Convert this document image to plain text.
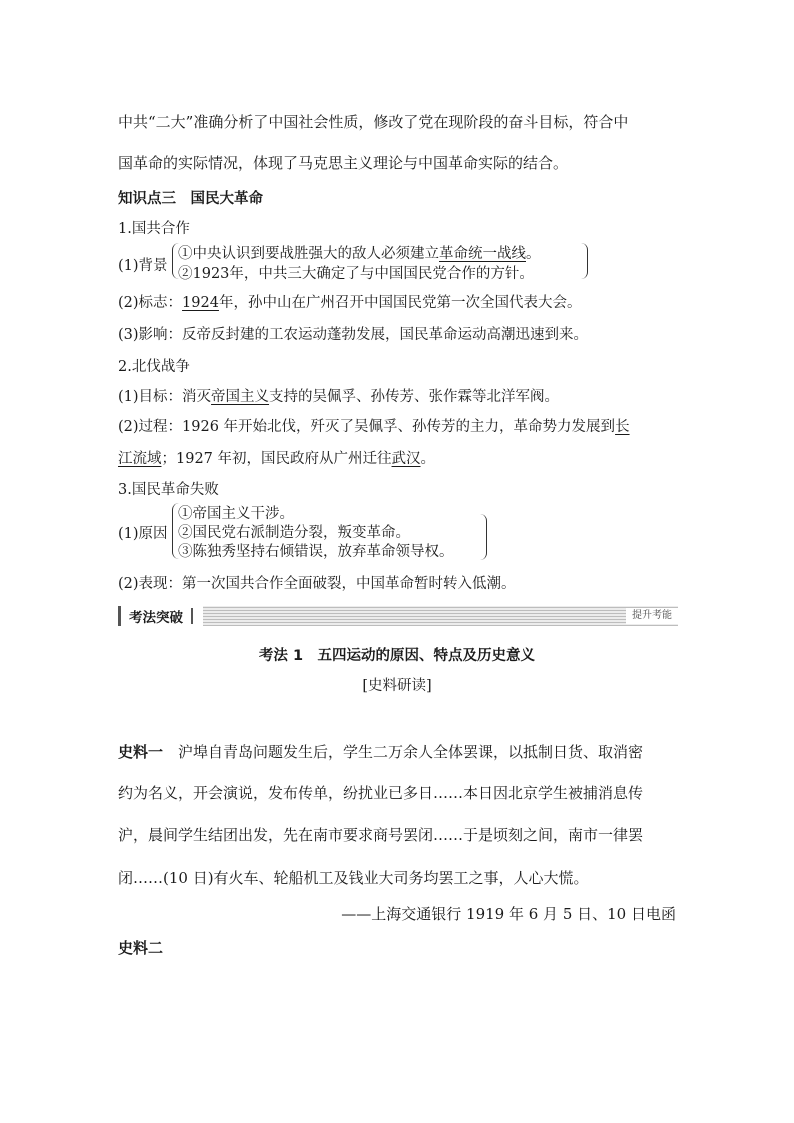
中共“二大”准确分析了中国社会性质，修改了党在现阶段的奋斗目标，符合中
国革命的实际情况，体现了马克思主义理论与中国革命实际的结合。
知识点三　国民大革命
1.国共合作
(1)背景
①中央认识到要战胜强大的敌人必须建立革命统一战线。
②1923年，中共三大确定了与中国国民党合作的方针。
(2)标志：1924年，孙中山在广州召开中国国民党第一次全国代表大会。
(3)影响：反帝反封建的工农运动蓬勃发展，国民革命运动高潮迅速到来。
2.北伐战争
(1)目标：消灭帝国主义支持的吴佩孚、孙传芳、张作霖等北洋军阀。
(2)过程：1926 年开始北伐，歼灭了吴佩孚、孙传芳的主力，革命势力发展到长
江流域；1927 年初，国民政府从广州迁往武汉。
3.国民革命失败
(1)原因
①帝国主义干涉。
②国民党右派制造分裂，叛变革命。
③陈独秀坚持右倾错误，放弃革命领导权。
(2)表现：第一次国共合作全面破裂，中国革命暂时转入低潮。
考法突破	提升考能
考法 1　五四运动的原因、特点及历史意义
[史料研读]
史料一　沪埠自青岛问题发生后，学生二万余人全体罢课，以抵制日货、取消密
约为名义，开会演说，发布传单，纷扰业已多日……本日因北京学生被捕消息传
沪，晨间学生结团出发，先在南市要求商号罢闭……于是顷刻之间，南市一律罢
闭……(10 日)有火车、轮船机工及钱业大司务均罢工之事，人心大慌。
——上海交通银行 1919 年 6 月 5 日、10 日电函
史料二
